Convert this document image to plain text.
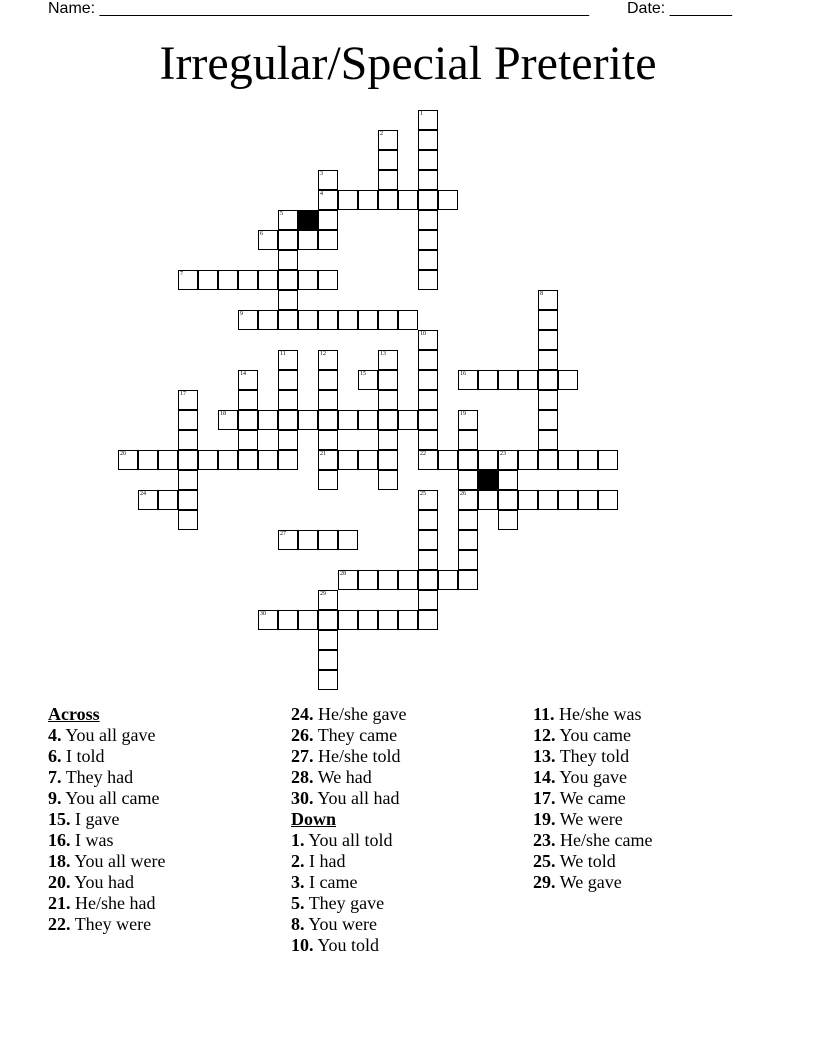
Name: _______________________________________________________ Date: _______
Irregular/Special Preterite
4
6
7
9
15	16
18
20	21	22	23
24	26
27
28
30
1
2
3
5
8
10
11	12	13
14
17
19
25
29
Across
4. You all gave
6. I told
7. They had
9. You all came
15. I gave
16. I was
18. You all were
20. You had
21. He/she had
22. They were
24. He/she gave
26. They came
27. He/she told
28. We had
30. You all had
Down
1. You all told
2. I had
3. I came
5. They gave
8. You were
10. You told
11. He/she was
12. You came
13. They told
14. You gave
17. We came
19. We were
23. He/she came
25. We told
29. We gave
